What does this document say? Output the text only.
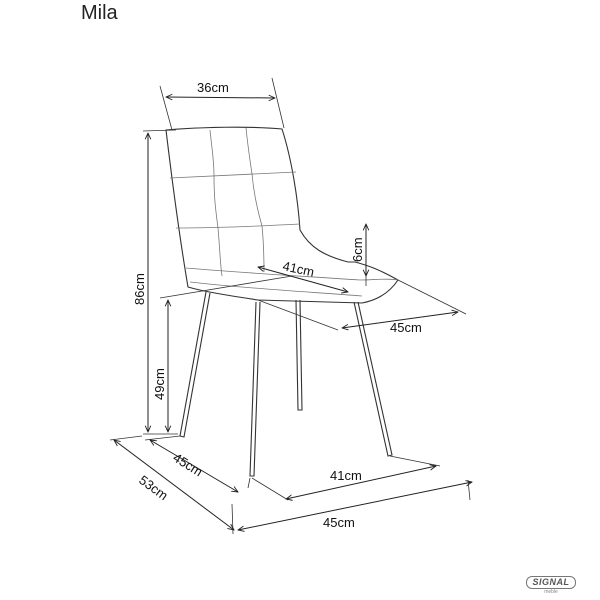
Mila
36cm
86cm
49cm
6cm
41cm
45cm
45cm	41cm
53cm
45cm
SIGNAL
meble
